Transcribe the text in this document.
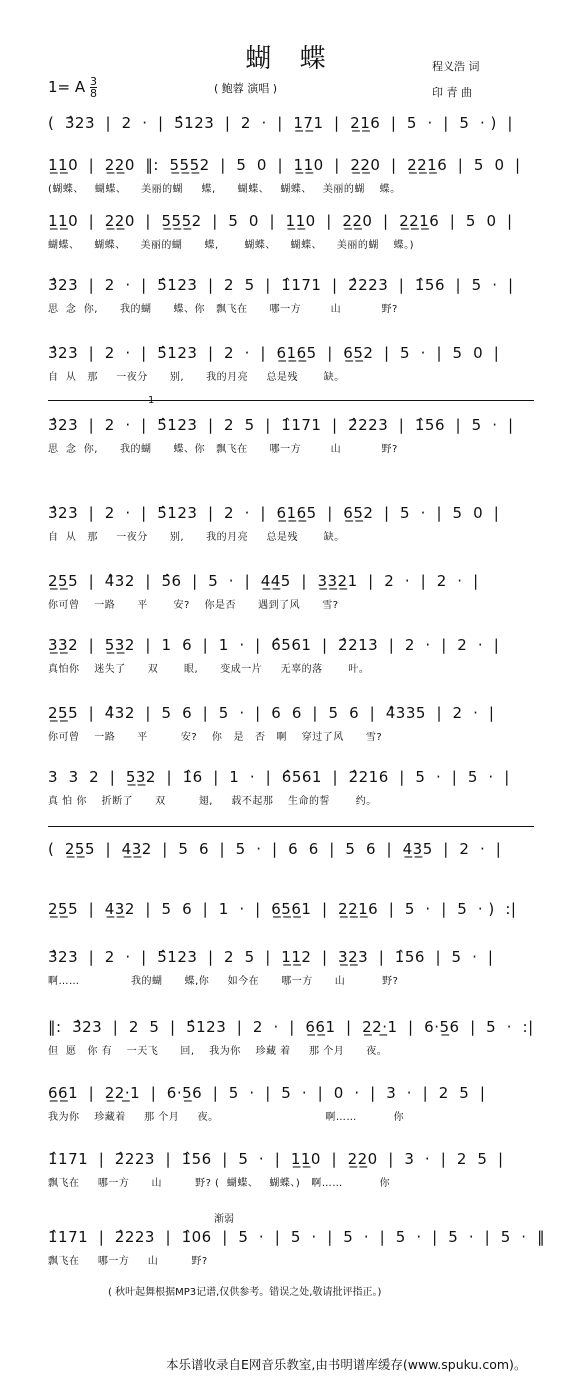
蝴 蝶
1= A $\frac{3}{8}$	( 鲍蓉 演唱 )
程义浩 词
印 青 曲
(  3̂23  |  2  ·  |  5̂123  |  2  ·  |  1̲7̲1  |  2̲1̲6  |  5  ·  |  5  · )  |
1̲1̲0  |  2̲2̲0  ‖:  5̲5̲5̲2  |  5  0  |  1̲1̲0  |  2̲2̲0  |  2̲2̲1̲6  |  5  0  |
(蝴蝶、   蝴蝶、    美丽的蝴     蝶,      蝴蝶、   蝴蝶、   美丽的蝴    蝶。
1̲1̲0  |  2̲2̲0  |  5̲5̲5̲2  |  5  0  |  1̲1̲0  |  2̲2̲0  |  2̲2̲1̲6  |  5  0  |
蝴蝶、    蝴蝶、    美丽的蝴      蝶,       蝴蝶、    蝴蝶、    美丽的蝴    蝶。)
3̂23  |  2  ·  |  5̂123  |  2  5  |  1̂171  |  2̂223  |  1̂56  |  5  ·  |
思  念  你,      我的蝴      蝶、你   飘飞在      哪一方        山           野?
3̂23  |  2  ·  |  5̂123  |  2  ·  |  6̲1̲6̲5  |  6̲5̲2  |  5  ·  |  5  0  |
自  从   那     一夜分      别,      我的月亮     总是残       缺。
3̂23  |  2  ·  |  5̂123  |  2  5  |  1̂171  |  2̂223  |  1̂56  |  5  ·  |
思  念  你,      我的蝴      蝶、你   飘飞在      哪一方        山           野?
3̂23  |  2  ·  |  5̂123  |  2  ·  |  6̲1̲6̲5  |  6̲5̲2  |  5  ·  |  5  0  |
自  从   那     一夜分      别,      我的月亮     总是残       缺。
2̲5̲5  |  4̂32  |  5̂6  |  5  ·  |  4̲4̲5  |  3̲3̲2̲1  |  2  ·  |  2  ·  |
你可曾    一路      平       安?    你是否      遇到了风      雪?
3̲3̲2  |  5̲3̲2  |  1  6  |  1  ·  |  6̂561  |  2̂213  |  2  ·  |  2  ·  |
真怕你    迷失了      双       眼,      变成一片     无辜的落       叶。
2̲5̲5  |  4̂32  |  5  6  |  5  ·  |  6  6  |  5  6  |  4̂335  |  2  ·  |
你可曾    一路      平         安?    你   是   否   啊    穿过了风      雪?
3  3  2  |  5̲3̲2  |  1̂6  |  1  ·  |  6̂561  |  2̂216  |  5  ·  |  5  ·  |
真 怕 你    折断了      双         翅,     载不起那    生命的誓       约。
(  2̲5̲5  |  4̲3̲2  |  5  6  |  5  ·  |  6  6  |  5  6  |  4̲3̲5  |  2  ·  |
2̲5̲5  |  4̲3̲2  |  5  6  |  1  ·  |  6̲5̲6̲1  |  2̲2̲1̲6  |  5  ·  |  5  · )  :|
3̂23  |  2  ·  |  5̂123  |  2  5  |  1̲1̲2  |  3̲2̲3  |  1̂56  |  5  ·  |
啊……              我的蝴      蝶,你     如今在      哪一方      山          野?
‖:  3̂23  |  2  5  |  5̂123  |  2  ·  |  6̲6̲1  |  2̲2·̲1  |  6·5̲6  |  5  ·  :|
但  愿   你 有    一天飞      回,    我为你    珍藏 着     那 个月      夜。
6̲6̲1  |  2̲2·̲1  |  6·5̲6  |  5  ·  |  5  ·  |  0  ·  |  3  ·  |  2  5  |
我为你    珍藏着     那 个月     夜。                             啊……          你
1̂171  |  2̂223  |  1̂56  |  5  ·  |  1̲1̲0  |  2̲2̲0  |  3  ·  |  2  5  |
飘飞在     哪一方      山         野? (  蝴蝶、   蝴蝶、)   啊……          你
1̂171  |  2̂223  |  1̂06  |  5  ·  |  5  ·  |  5  ·  |  5  ·  |  5  ·  |  5  ·  ‖
飘飞在     哪一方     山         野?
1
渐弱
( 秋叶起舞根据MP3记谱,仅供参考。错误之处,敬请批评指正。)
本乐谱收录自E网音乐教室,由书明谱库缓存(www.spuku.com)。
